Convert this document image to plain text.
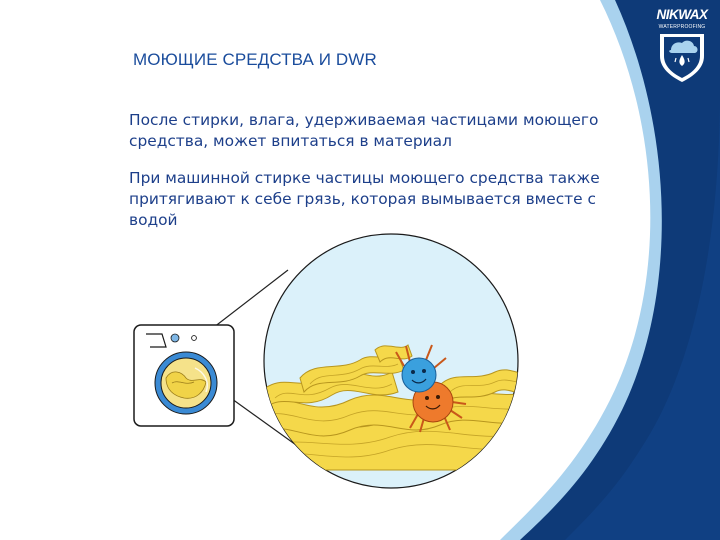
NIKWAX
WATERPROOFING
МОЮЩИЕ СРЕДСТВА И DWR
После стирки, влага, удерживаемая частицами моющего средства, может впитаться в материал
При машинной стирке частицы моющего средства также притягивают к себе грязь, которая вымывается вместе с водой
